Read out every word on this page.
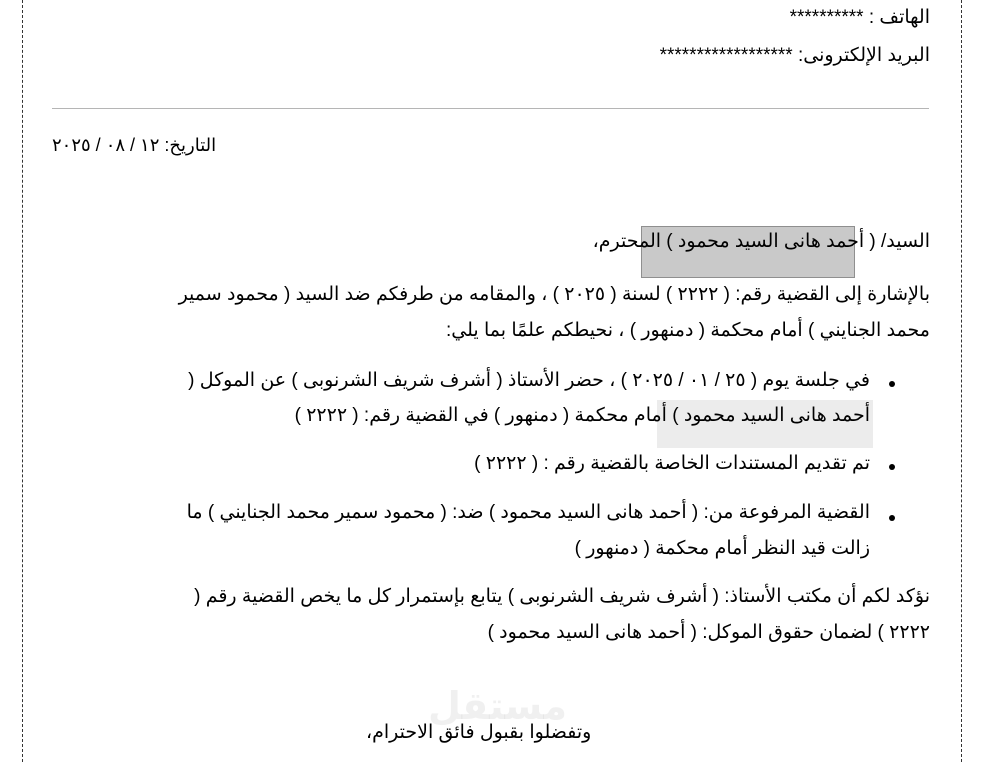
الهاتف : **********
البريد الإلكترونى: ******************
التاريخ: ١٢ / ٠٨ / ٢٠٢٥
السيد/ ( أحمد هانى السيد محمود ) المحترم،
بالإشارة إلى القضية رقم: ( ٢٢٢٢ ) لسنة ( ٢٠٢٥ ) ، والمقامه من طرفكم ضد السيد ( محمود سمير
محمد الجنايني ) أمام محكمة ( دمنهور ) ، نحيطكم علمًا بما يلي:
في جلسة يوم ( ٢٥ / ٠١ / ٢٠٢٥ ) ، حضر الأستاذ ( أشرف شريف الشرنوبى ) عن الموكل (
أحمد هانى السيد محمود ) أمام محكمة ( دمنهور ) في القضية رقم: ( ٢٢٢٢ )
تم تقديم المستندات الخاصة بالقضية رقم : ( ٢٢٢٢ )
القضية المرفوعة من: ( أحمد هانى السيد محمود ) ضد: ( محمود سمير محمد الجنايني ) ما
زالت قيد النظر أمام محكمة ( دمنهور )
نؤكد لكم أن مكتب الأستاذ: ( أشرف شريف الشرنوبى ) يتابع بإستمرار كل ما يخص القضية رقم (
٢٢٢٢ ) لضمان حقوق الموكل: ( أحمد هانى السيد محمود )
مستقل
وتفضلوا بقبول فائق الاحترام،
